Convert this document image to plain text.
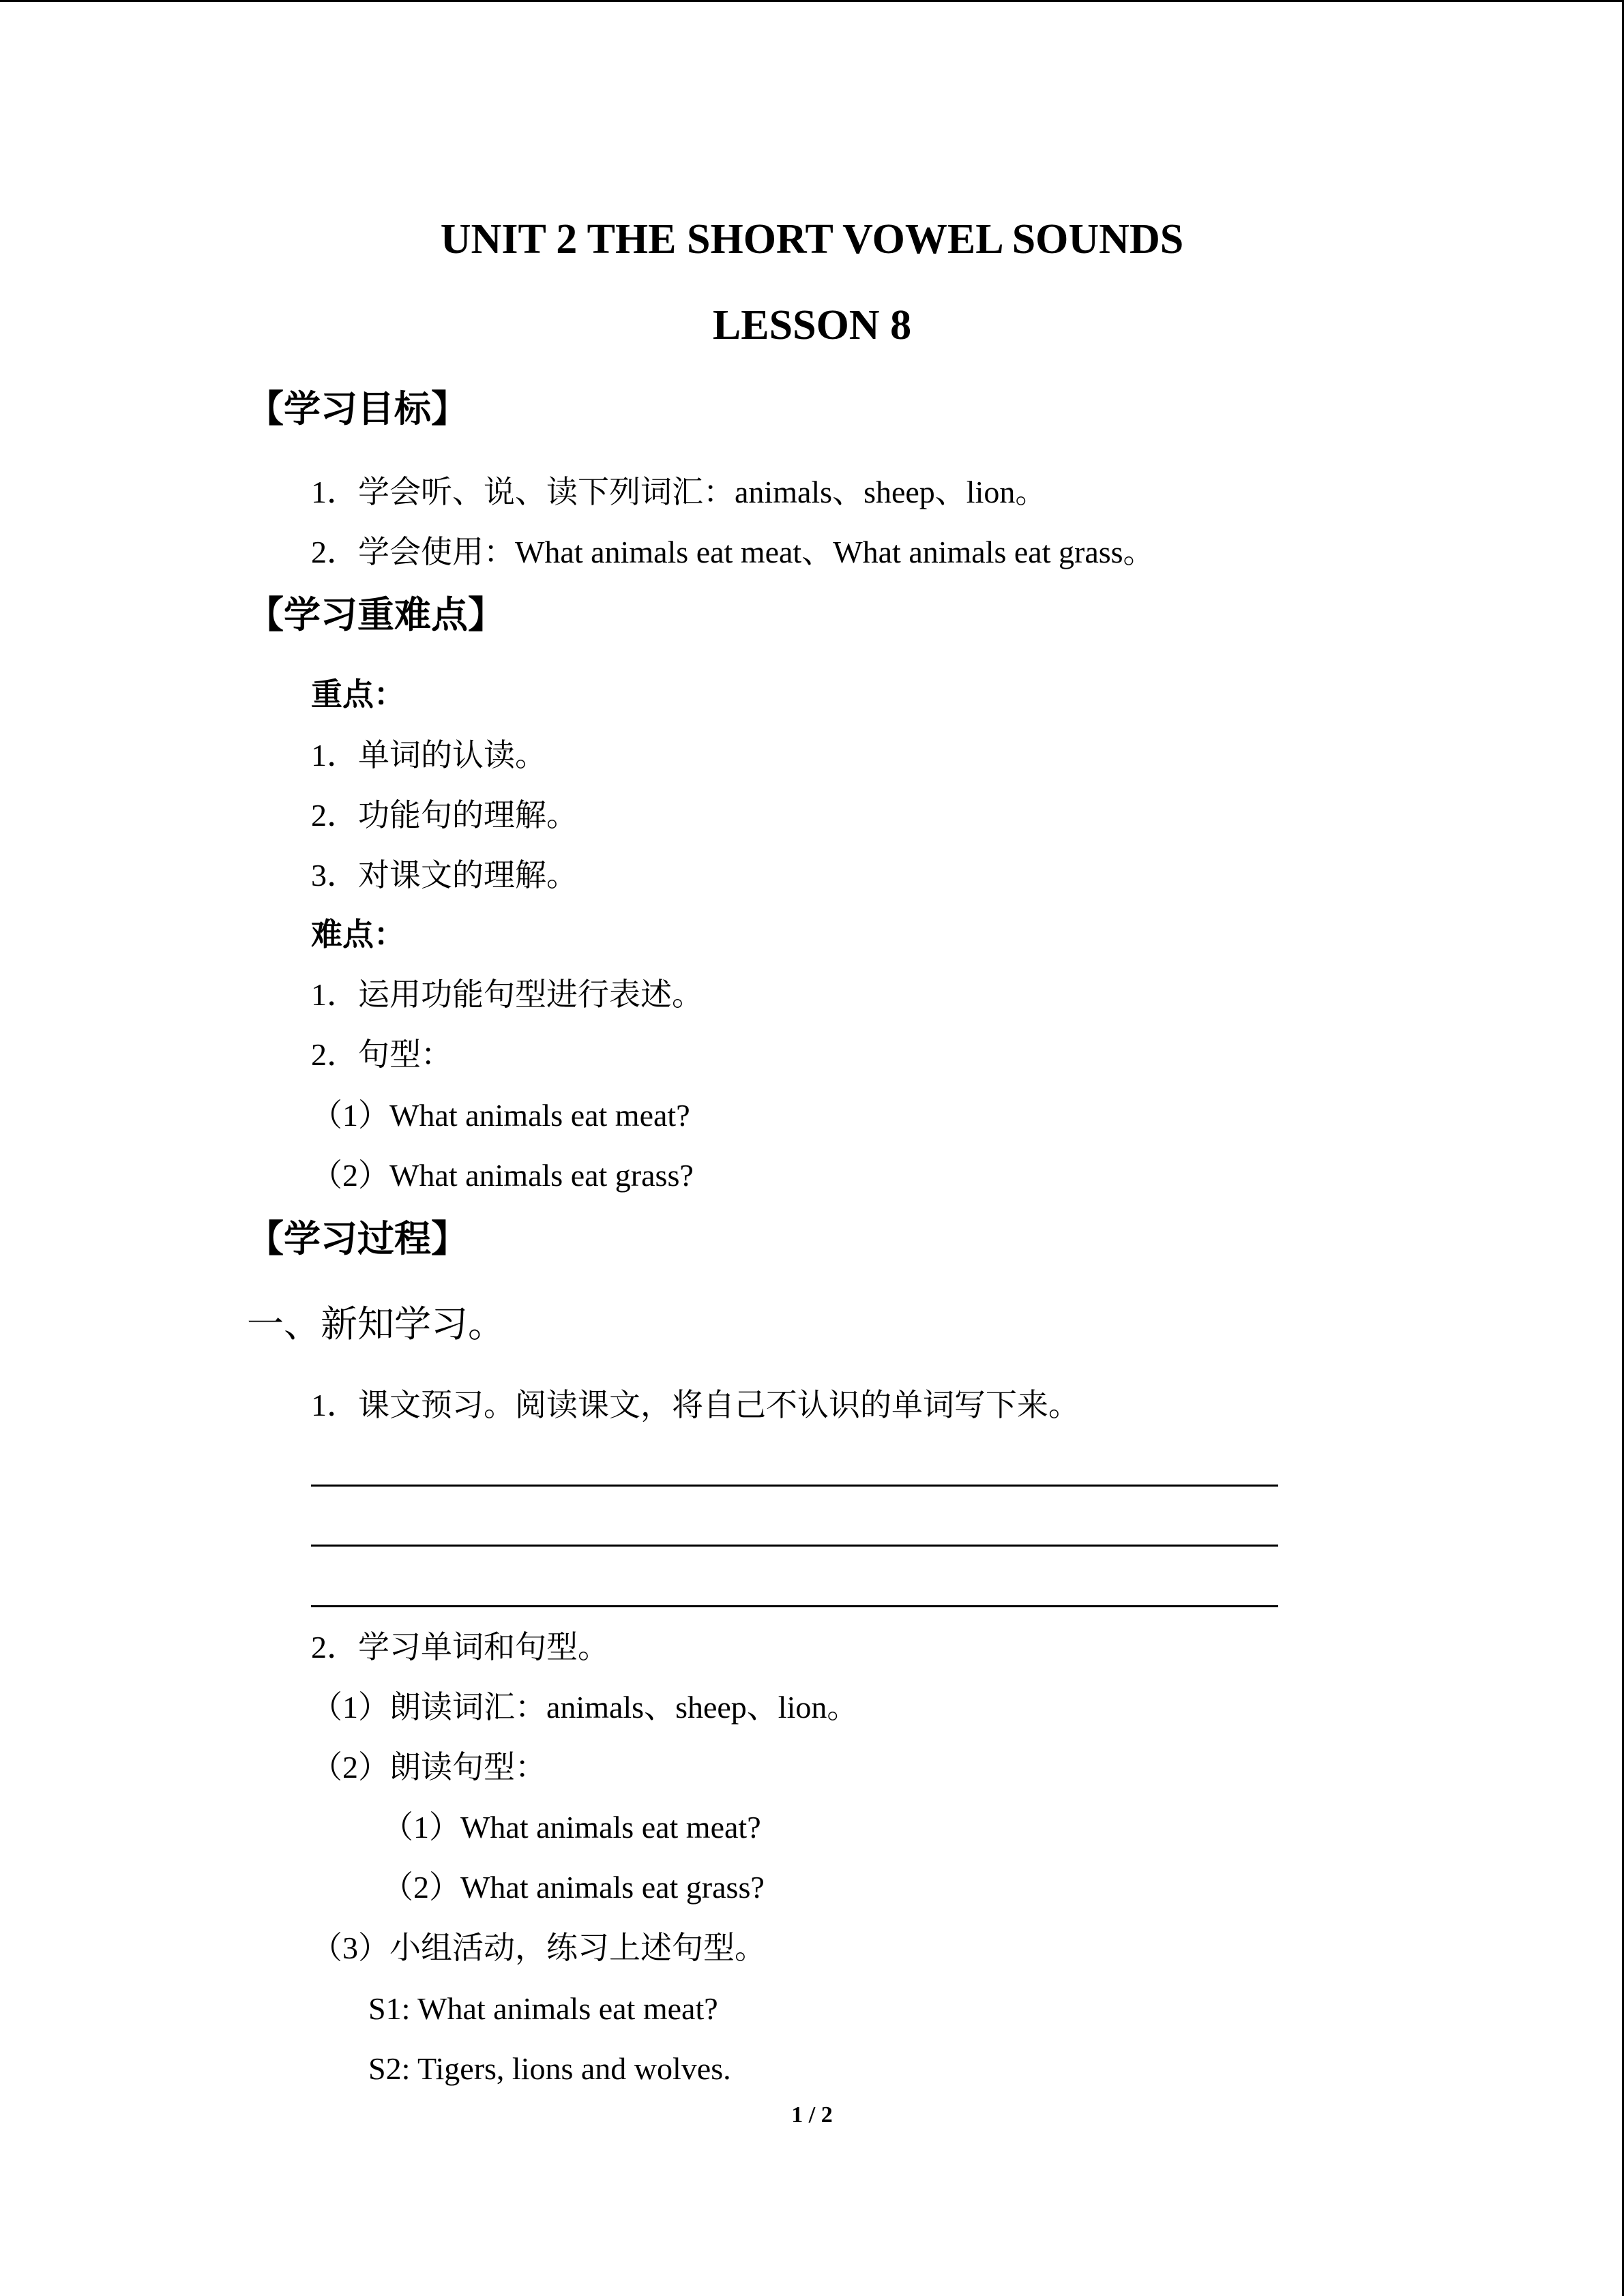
UNIT 2 THE SHORT VOWEL SOUNDS
LESSON 8
【学习目标】
1．学会听、说、读下列词汇：animals、sheep、lion。
2．学会使用：What animals eat meat、What animals eat grass。
【学习重难点】
重点：
1．单词的认读。
2．功能句的理解。
3．对课文的理解。
难点：
1．运用功能句型进行表述。
2．句型：
（1）What animals eat meat?
（2）What animals eat grass?
【学习过程】
一、新知学习。
1．课文预习。阅读课文，将自己不认识的单词写下来。
2．学习单词和句型。
（1）朗读词汇：animals、sheep、lion。
（2）朗读句型：
（1）What animals eat meat?
（2）What animals eat grass?
（3）小组活动，练习上述句型。
S1: What animals eat meat?
S2: Tigers, lions and wolves.
1 / 2
